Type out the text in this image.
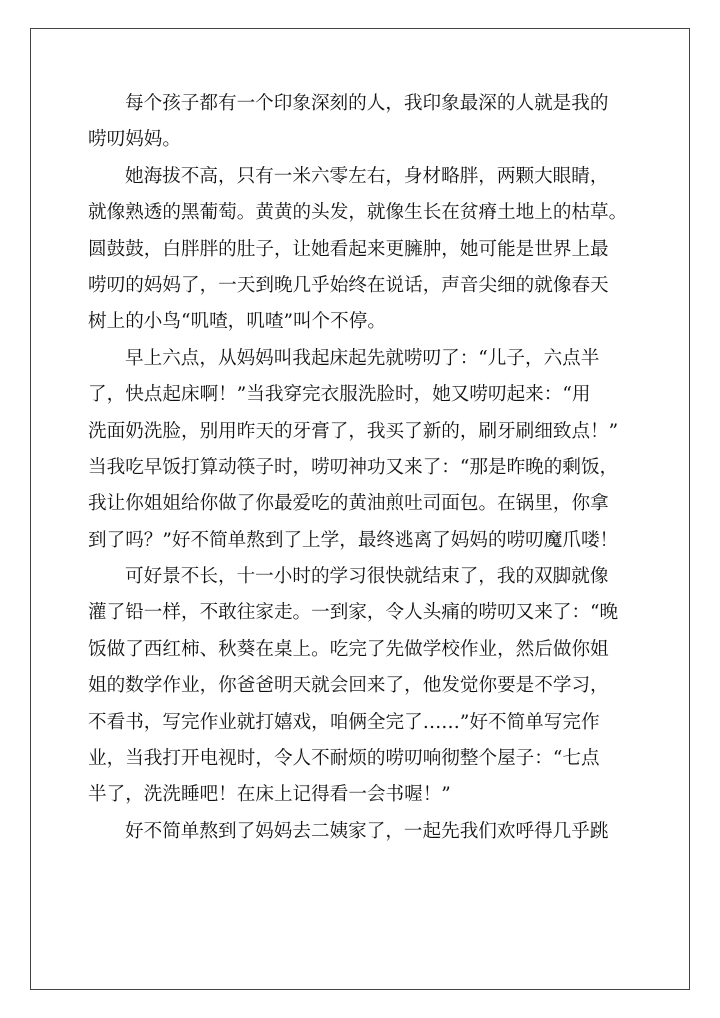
每个孩子都有一个印象深刻的人，我印象最深的人就是我的
唠叨妈妈。
她海拔不高，只有一米六零左右，身材略胖，两颗大眼睛，
就像熟透的黑葡萄。黄黄的头发，就像生长在贫瘠土地上的枯草。
圆鼓鼓，白胖胖的肚子，让她看起来更臃肿，她可能是世界上最
唠叨的妈妈了，一天到晚几乎始终在说话，声音尖细的就像春天
树上的小鸟“叽喳，叽喳”叫个不停。
早上六点，从妈妈叫我起床起先就唠叨了：“儿子，六点半
了，快点起床啊！”当我穿完衣服洗脸时，她又唠叨起来：“用
洗面奶洗脸，别用昨天的牙膏了，我买了新的，刷牙刷细致点！”
当我吃早饭打算动筷子时，唠叨神功又来了：“那是昨晚的剩饭，
我让你姐姐给你做了你最爱吃的黄油煎吐司面包。在锅里，你拿
到了吗？”好不简单熬到了上学，最终逃离了妈妈的唠叨魔爪喽！
可好景不长，十一小时的学习很快就结束了，我的双脚就像
灌了铅一样，不敢往家走。一到家，令人头痛的唠叨又来了：“晚
饭做了西红柿、秋葵在桌上。吃完了先做学校作业，然后做你姐
姐的数学作业，你爸爸明天就会回来了，他发觉你要是不学习，
不看书，写完作业就打嬉戏，咱俩全完了……”好不简单写完作
业，当我打开电视时，令人不耐烦的唠叨响彻整个屋子：“七点
半了，洗洗睡吧！在床上记得看一会书喔！”
好不简单熬到了妈妈去二姨家了，一起先我们欢呼得几乎跳
